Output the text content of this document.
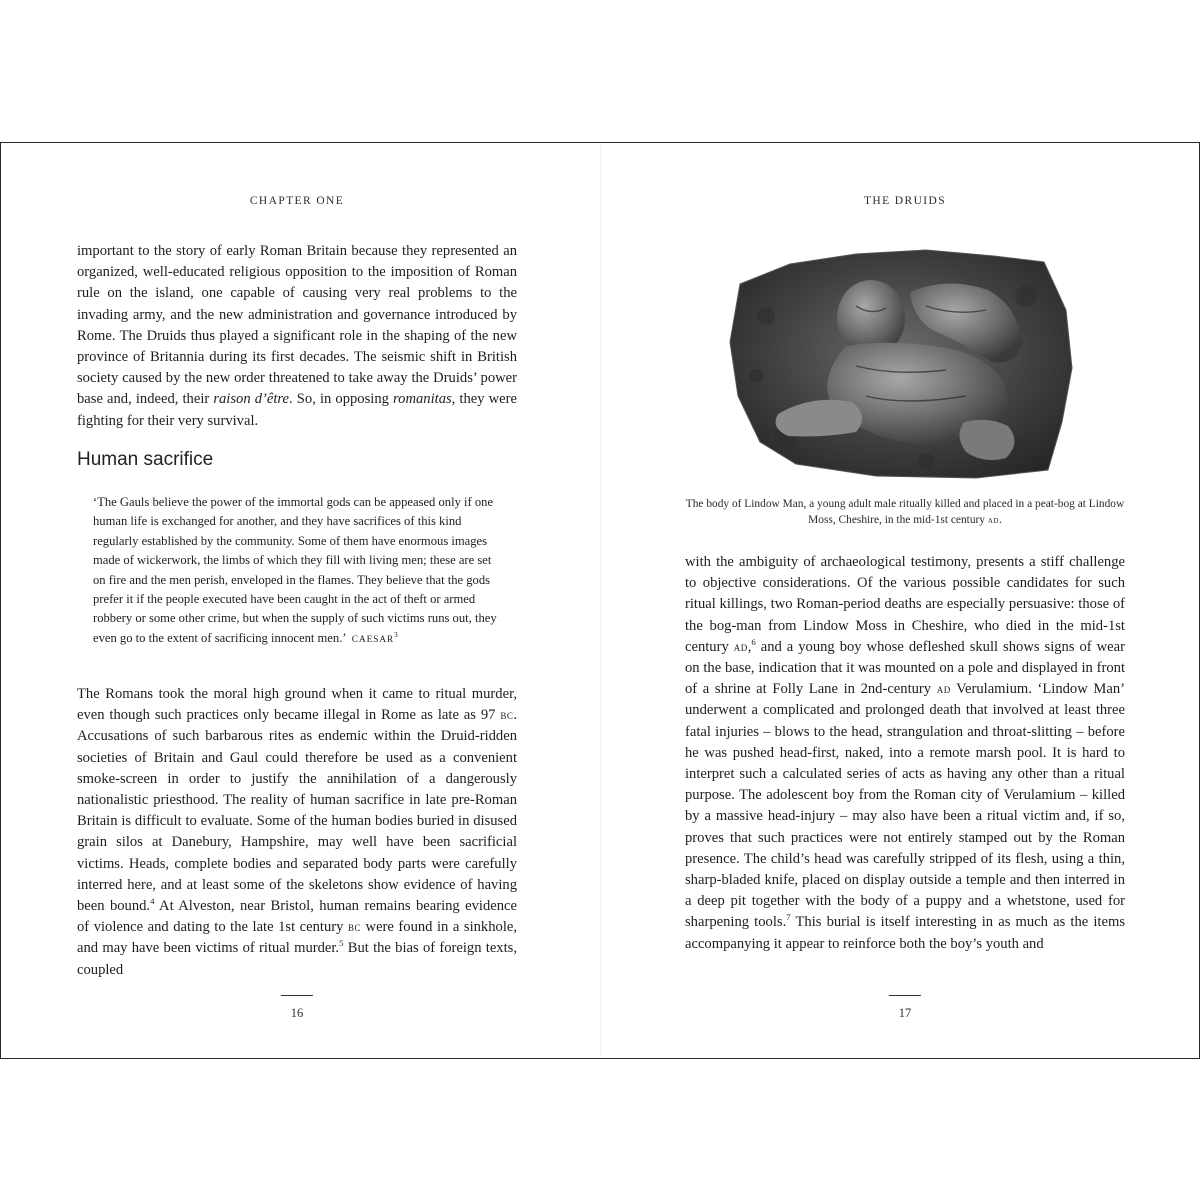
CHAPTER ONE

important to the story of early Roman Britain because they represented an organized, well-educated religious opposition to the imposition of Roman rule on the island, one capable of causing very real problems to the invading army, and the new administration and governance introduced by Rome. The Druids thus played a significant role in the shaping of the new province of Britannia during its first decades. The seismic shift in British society caused by the new order threatened to take away the Druids’ power base and, indeed, their raison d’être. So, in opposing romanitas, they were fighting for their very survival.

Human sacrifice

‘The Gauls believe the power of the immortal gods can be appeased only if one human life is exchanged for another, and they have sacrifices of this kind regularly established by the community. Some of them have enormous images made of wickerwork, the limbs of which they fill with living men; these are set on fire and the men perish, enveloped in the flames. They believe that the gods prefer it if the people executed have been caught in the act of theft or armed robbery or some other crime, but when the supply of such victims runs out, they even go to the extent of sacrificing innocent men.’ CAESAR$^3$

The Romans took the moral high ground when it came to ritual murder, even though such practices only became illegal in Rome as late as 97 bc. Accusations of such barbarous rites as endemic within the Druid-ridden societies of Britain and Gaul could therefore be used as a convenient smoke-screen in order to justify the annihilation of a dangerously nationalistic priesthood. The reality of human sacrifice in late pre-Roman Britain is difficult to evaluate. Some of the human bodies buried in disused grain silos at Danebury, Hampshire, may well have been sacrificial victims. Heads, complete bodies and separated body parts were carefully interred here, and at least some of the skeletons show evidence of having been bound.$^4$ At Alveston, near Bristol, human remains bearing evidence of violence and dating to the late 1st century bc were found in a sinkhole, and may have been victims of ritual murder.$^5$ But the bias of foreign texts, coupled

16
THE DRUIDS
The body of Lindow Man, a young adult male ritually killed and placed in a peat-bog at Lindow Moss, Cheshire, in the mid-1st century ad.

with the ambiguity of archaeological testimony, presents a stiff challenge to objective considerations. Of the various possible candidates for such ritual killings, two Roman-period deaths are especially persuasive: those of the bog-man from Lindow Moss in Cheshire, who died in the mid-1st century ad,$^6$ and a young boy whose defleshed skull shows signs of wear on the base, indication that it was mounted on a pole and displayed in front of a shrine at Folly Lane in 2nd-century ad Verulamium. ‘Lindow Man’ underwent a complicated and prolonged death that involved at least three fatal injuries – blows to the head, strangulation and throat-slitting – before he was pushed head-first, naked, into a remote marsh pool. It is hard to interpret such a calculated series of acts as having any other than a ritual purpose. The adolescent boy from the Roman city of Verulamium – killed by a massive head-injury – may also have been a ritual victim and, if so, proves that such practices were not entirely stamped out by the Roman presence. The child’s head was carefully stripped of its flesh, using a thin, sharp-bladed knife, placed on display outside a temple and then interred in a deep pit together with the body of a puppy and a whetstone, used for sharpening tools.$^7$ This burial is itself interesting in as much as the items accompanying it appear to reinforce both the boy’s youth and

17
